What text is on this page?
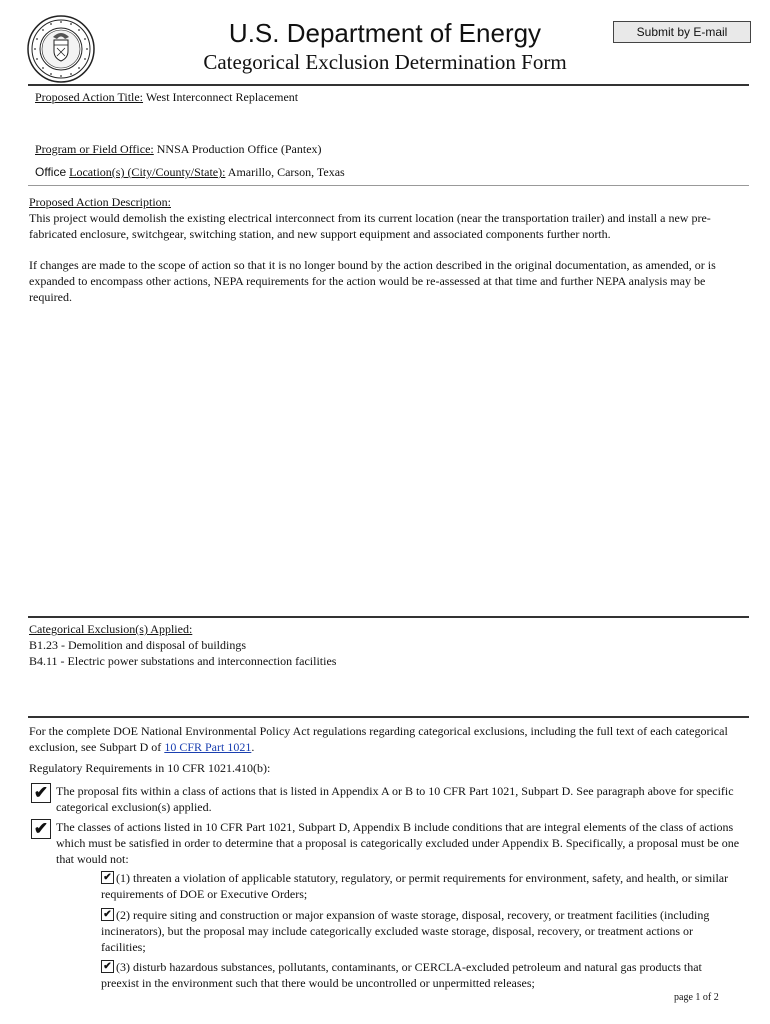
U.S. Department of Energy
Categorical Exclusion Determination Form
Submit by E-mail
Proposed Action Title: West Interconnect Replacement
Program or Field Office: NNSA Production Office (Pantex)
Office Location(s) (City/County/State): Amarillo, Carson, Texas
Proposed Action Description:
This project would demolish the existing electrical interconnect from its current location (near the transportation trailer) and install a new pre-fabricated enclosure, switchgear, switching station, and new support equipment and associated components further north.
If changes are made to the scope of action so that it is no longer bound by the action described in the original documentation, as amended, or is expanded to encompass other actions, NEPA requirements for the action would be re-assessed at that time and further NEPA analysis may be required.
Categorical Exclusion(s) Applied:
B1.23 - Demolition and disposal of buildings
B4.11 - Electric power substations and interconnection facilities
For the complete DOE National Environmental Policy Act regulations regarding categorical exclusions, including the full text of each categorical exclusion, see Subpart D of 10 CFR Part 1021.
Regulatory Requirements in 10 CFR 1021.410(b):
✔ The proposal fits within a class of actions that is listed in Appendix A or B to 10 CFR Part 1021, Subpart D. See paragraph above for specific categorical exclusion(s) applied.
✔ The classes of actions listed in 10 CFR Part 1021, Subpart D, Appendix B include conditions that are integral elements of the class of actions which must be satisfied in order to determine that a proposal is categorically excluded under Appendix B. Specifically, a proposal must be one that would not:
✔ (1) threaten a violation of applicable statutory, regulatory, or permit requirements for environment, safety, and health, or similar requirements of DOE or Executive Orders;
✔ (2) require siting and construction or major expansion of waste storage, disposal, recovery, or treatment facilities (including incinerators), but the proposal may include categorically excluded waste storage, disposal, recovery, or treatment actions or facilities;
✔ (3) disturb hazardous substances, pollutants, contaminants, or CERCLA-excluded petroleum and natural gas products that preexist in the environment such that there would be uncontrolled or unpermitted releases;
page 1 of 2
